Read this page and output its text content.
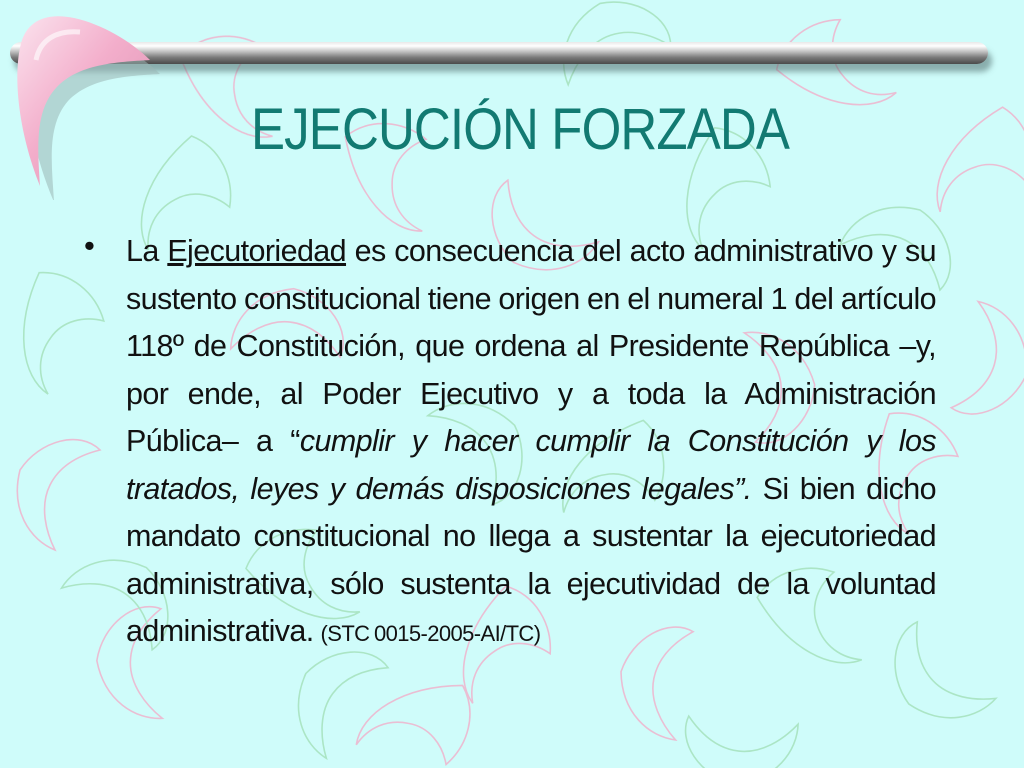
EJECUCIÓN FORZADA
• La Ejecutoriedad es consecuencia del acto administrativo y su sustento constitucional tiene origen en el numeral 1 del artículo 118º de Constitución, que ordena al Presidente República –y, por ende, al Poder Ejecutivo y a toda la Administración Pública– a “cumplir y hacer cumplir la Constitución y los tratados, leyes y demás disposiciones legales”. Si bien dicho mandato constitucional no llega a sustentar la ejecutoriedad administrativa, sólo sustenta la ejecutividad de la voluntad administrativa. (STC 0015-2005-AI/TC)
